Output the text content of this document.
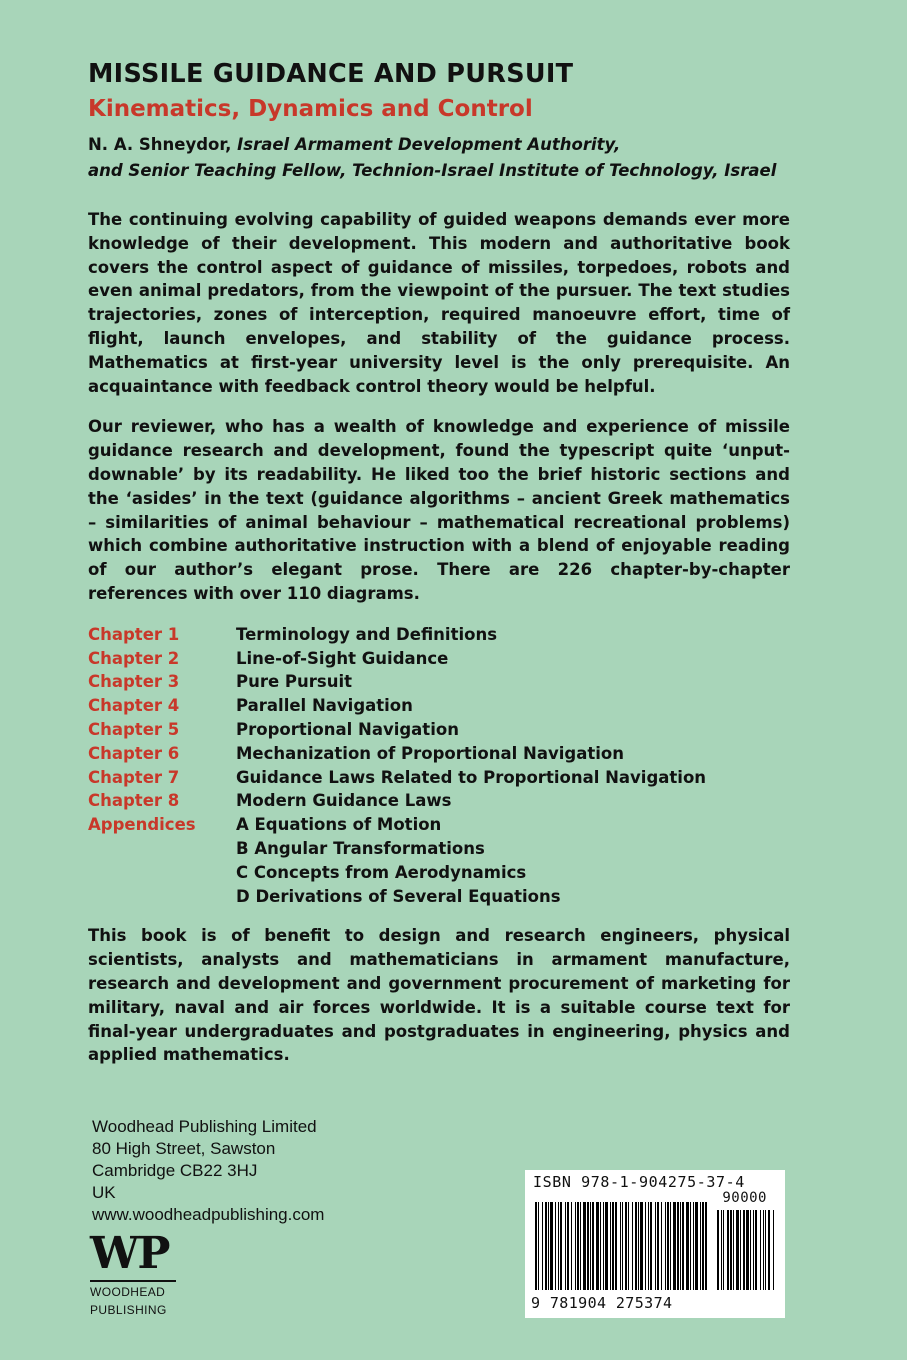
MISSILE GUIDANCE AND PURSUIT
Kinematics, Dynamics and Control
N. A. Shneydor, Israel Armament Development Authority,
and Senior Teaching Fellow, Technion-Israel Institute of Technology, Israel

The continuing evolving capability of guided weapons demands ever more knowledge of their development. This modern and authoritative book covers the control aspect of guidance of missiles, torpedoes, robots and even animal predators, from the viewpoint of the pursuer. The text studies trajectories, zones of interception, required manoeuvre effort, time of flight, launch envelopes, and stability of the guidance process. Mathematics at first-year university level is the only prerequisite. An acquaintance with feedback control theory would be helpful.

Our reviewer, who has a wealth of knowledge and experience of missile guidance research and development, found the typescript quite ‘unput-downable’ by its readability. He liked too the brief historic sections and the ‘asides’ in the text (guidance algorithms – ancient Greek mathematics – similarities of animal behaviour – mathematical recreational problems) which combine authoritative instruction with a blend of enjoyable reading of our author’s elegant prose. There are 226 chapter-by-chapter references with over 110 diagrams.

Chapter 1	Terminology and Definitions
Chapter 2	Line-of-Sight Guidance
Chapter 3	Pure Pursuit
Chapter 4	Parallel Navigation
Chapter 5	Proportional Navigation
Chapter 6	Mechanization of Proportional Navigation
Chapter 7	Guidance Laws Related to Proportional Navigation
Chapter 8	Modern Guidance Laws
Appendices	A Equations of Motion
B Angular Transformations
C Concepts from Aerodynamics
D Derivations of Several Equations

This book is of benefit to design and research engineers, physical scientists, analysts and mathematicians in armament manufacture, research and development and government procurement of marketing for military, naval and air forces worldwide. It is a suitable course text for final-year undergraduates and postgraduates in engineering, physics and applied mathematics.

Woodhead Publishing Limited
80 High Street, Sawston
Cambridge CB22 3HJ
UK
www.woodheadpublishing.com
WP
WOODHEAD
PUBLISHING
ISBN 978-1-904275-37-4
90000
9 781904 275374
